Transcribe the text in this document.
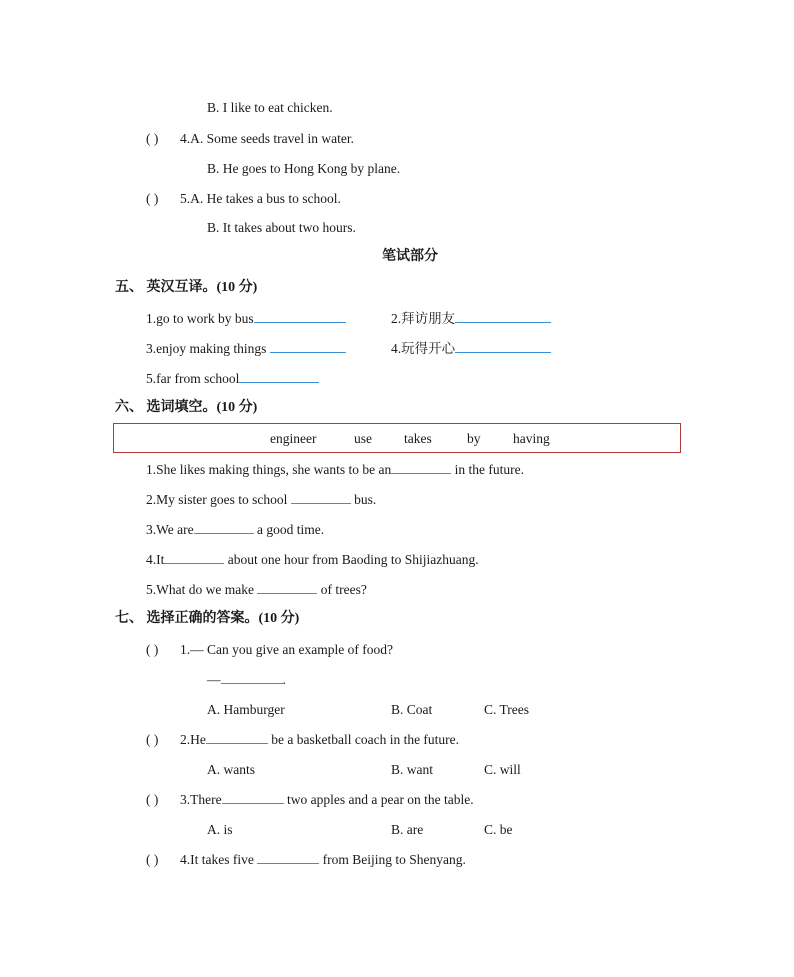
B. I like to eat chicken.
( ) 4.A. Some seeds travel in water.
B. He goes to Hong Kong by plane.
( ) 5.A. He takes a bus to school.
B. It takes about two hours.
笔试部分
五、 英汉互译。(10 分)
1.go to work by bus	2.拜访朋友
3.enjoy making things	4.玩得开心
5.far from school
六、 选词填空。(10 分)
engineer	use takes	by having
1.She likes making things, she wants to be an	in the future.
2.My sister goes to school	bus.
3.We are	a good time.
4.It	about one hour from Baoding to Shijiazhuang.
5.What do we make	of trees?
七、 选择正确的答案。(10 分)
( ) 1.— Can you give an example of food?
—	.
A. Hamburger	B. Coat	C. Trees
( ) 2.He	be a basketball coach in the future.
A. wants	B. want	C. will
( ) 3.There	two apples and a pear on the table.
A. is	B. are	C. be
( ) 4.It takes five	from Beijing to Shenyang.
